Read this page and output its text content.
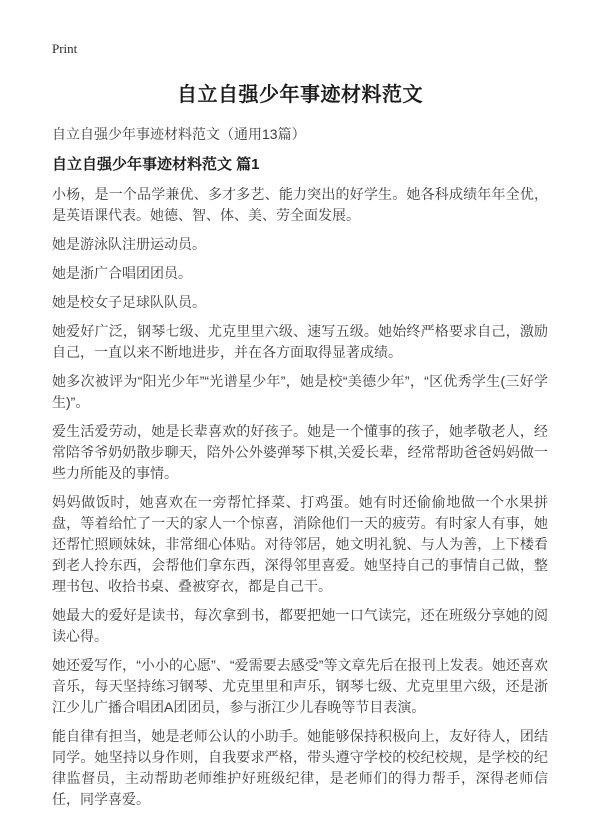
Print
自立自强少年事迹材料范文

自立自强少年事迹材料范文（通用13篇）

自立自强少年事迹材料范文 篇1

小杨，是一个品学兼优、多才多艺、能力突出的好学生。她各科成绩年年全优，是英语课代表。她德、智、体、美、劳全面发展。

她是游泳队注册运动员。

她是浙广合唱团团员。

她是校女子足球队队员。

她爱好广泛，钢琴七级、尤克里里六级、速写五级。她始终严格要求自己，激励自己，一直以来不断地进步，并在各方面取得显著成绩。

她多次被评为“阳光少年”“光谱星少年”，她是校“美德少年”，“区优秀学生(三好学生)”。

爱生活爱劳动，她是长辈喜欢的好孩子。她是一个懂事的孩子，她孝敬老人，经常陪爷爷奶奶散步聊天，陪外公外婆弹琴下棋,关爱长辈，经常帮助爸爸妈妈做一些力所能及的事情。

妈妈做饭时，她喜欢在一旁帮忙择菜、打鸡蛋。她有时还偷偷地做一个水果拼盘，等着给忙了一天的家人一个惊喜，消除他们一天的疲劳。有时家人有事，她还帮忙照顾妹妹，非常细心体贴。对待邻居，她文明礼貌、与人为善，上下楼看到老人拎东西，会帮他们拿东西，深得邻里喜爱。她坚持自己的事情自己做，整理书包、收拾书桌、叠被穿衣，都是自己干。

她最大的爱好是读书，每次拿到书，都要把她一口气读完，还在班级分享她的阅读心得。

她还爱写作，“小小的心愿”、“爱需要去感受”等文章先后在报刊上发表。她还喜欢音乐，每天坚持练习钢琴、尤克里里和声乐，钢琴七级、尤克里里六级，还是浙江少儿广播合唱团A团团员，参与浙江少儿春晚等节目表演。

能自律有担当，她是老师公认的小助手。她能够保持积极向上，友好待人，团结同学。她坚持以身作则，自我要求严格，带头遵守学校的校纪校规，是学校的纪律监督员，主动帮助老师维护好班级纪律，是老师们的得力帮手，深得老师信任，同学喜爱。
